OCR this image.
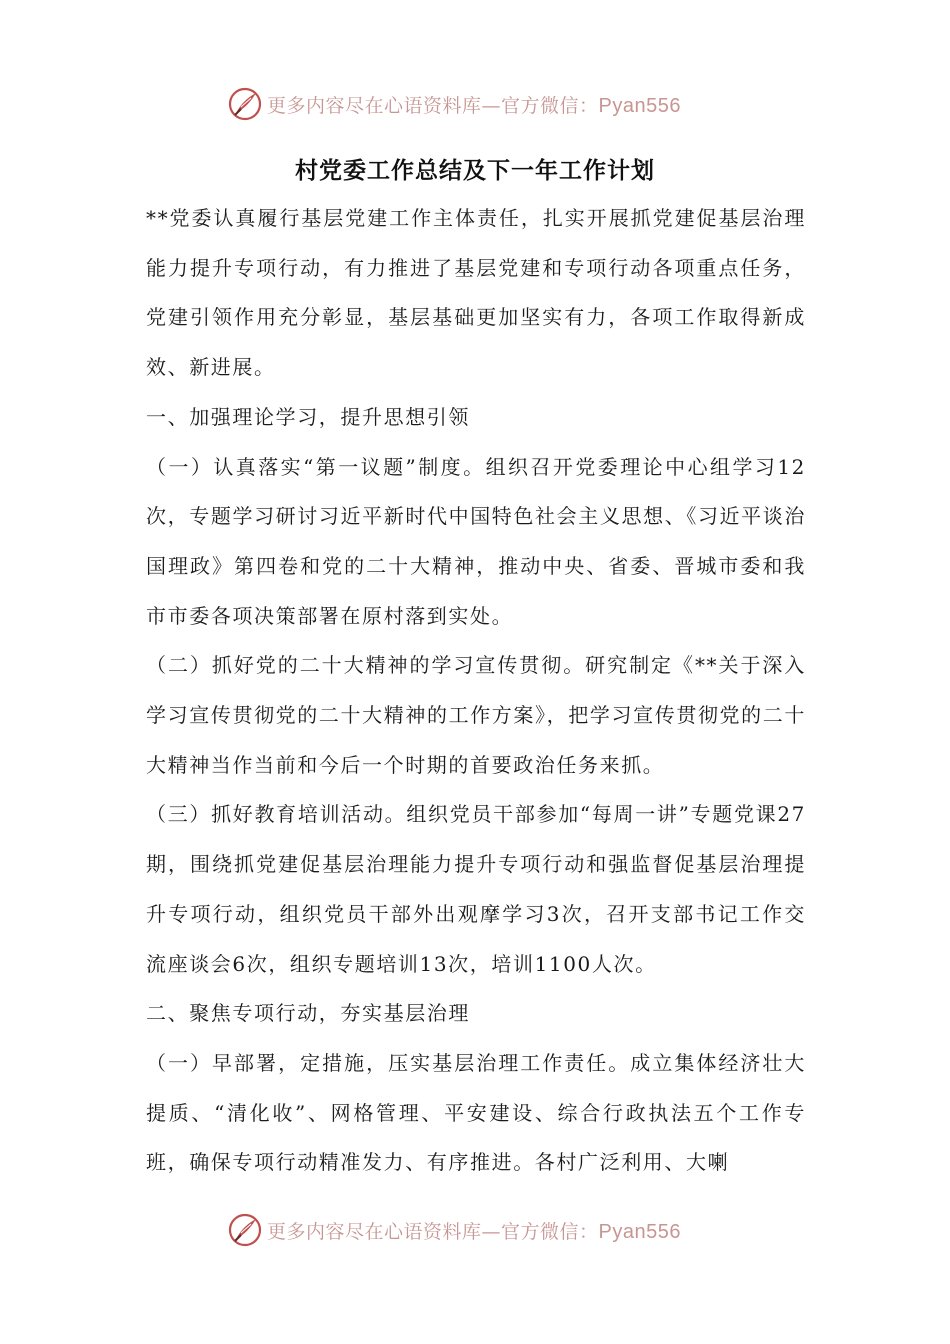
更多内容尽在心语资料库—官方微信：Pyan556
村党委工作总结及下一年工作计划

**党委认真履行基层党建工作主体责任，扎实开展抓党建促基层治理能力提升专项行动，有力推进了基层党建和专项行动各项重点任务，党建引领作用充分彰显，基层基础更加坚实有力，各项工作取得新成效、新进展。

一、加强理论学习，提升思想引领

（一）认真落实“第一议题”制度。组织召开党委理论中心组学习12次，专题学习研讨习近平新时代中国特色社会主义思想、《习近平谈治国理政》第四卷和党的二十大精神，推动中央、省委、晋城市委和我市市委各项决策部署在原村落到实处。

（二）抓好党的二十大精神的学习宣传贯彻。研究制定《**关于深入学习宣传贯彻党的二十大精神的工作方案》，把学习宣传贯彻党的二十大精神当作当前和今后一个时期的首要政治任务来抓。

（三）抓好教育培训活动。组织党员干部参加“每周一讲”专题党课27期，围绕抓党建促基层治理能力提升专项行动和强监督促基层治理提升专项行动，组织党员干部外出观摩学习3次，召开支部书记工作交流座谈会6次，组织专题培训13次，培训1100人次。

二、聚焦专项行动，夯实基层治理

（一）早部署，定措施，压实基层治理工作责任。成立集体经济壮大提质、“清化收”、网格管理、平安建设、综合行政执法五个工作专班，确保专项行动精准发力、有序推进。各村广泛利用、大喇

更多内容尽在心语资料库—官方微信：Pyan556
